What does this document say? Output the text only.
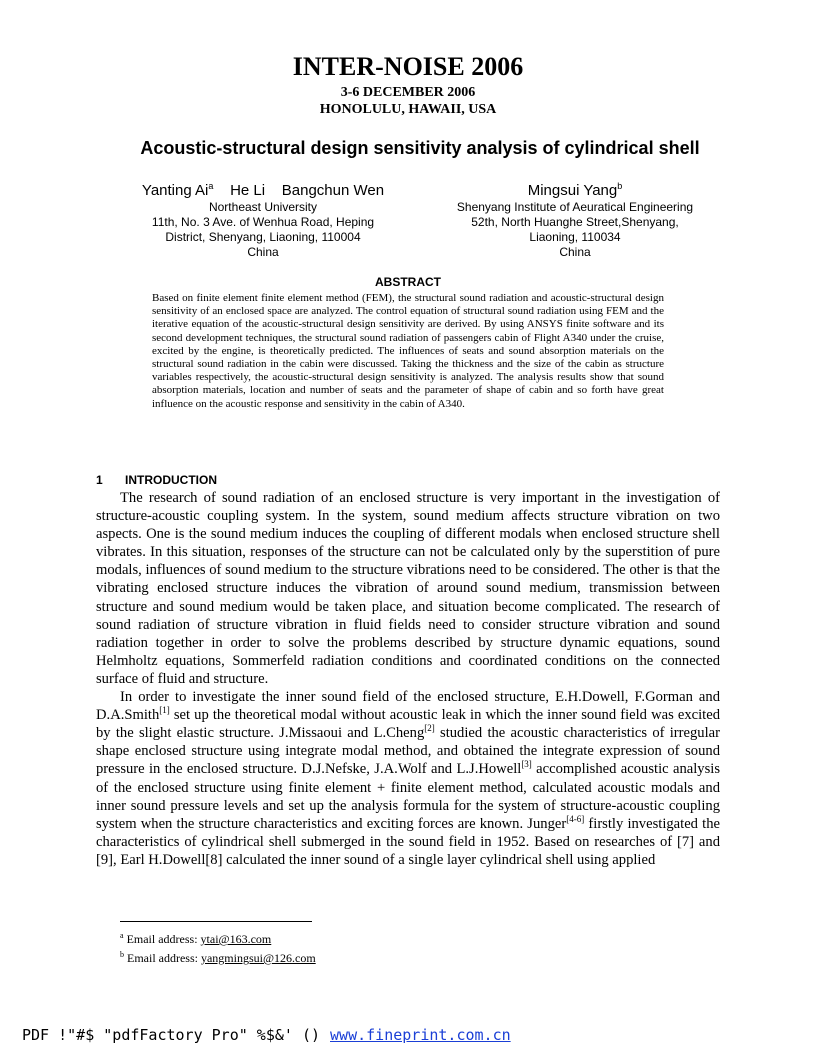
INTER-NOISE 2006
3-6 DECEMBER 2006
HONOLULU, HAWAII, USA
Acoustic-structural design sensitivity analysis of cylindrical shell
Yanting Ai$^a$ He Li Bangchun Wen
Northeast University
11th, No. 3 Ave. of Wenhua Road, Heping
District, Shenyang, Liaoning, 110004
China
Mingsui Yang$^b$
Shenyang Institute of Aeuratical Engineering
52th, North Huanghe Street,Shenyang,
Liaoning, 110034
China
ABSTRACT
Based on finite element finite element method (FEM), the structural sound radiation and acoustic-structural design sensitivity of an enclosed space are analyzed. The control equation of structural sound radiation using FEM and the iterative equation of the acoustic-structural design sensitivity are derived. By using ANSYS finite software and its second development techniques, the structural sound radiation of passengers cabin of Flight A340 under the cruise, excited by the engine, is theoretically predicted. The influences of seats and sound absorption materials on the structural sound radiation in the cabin were discussed. Taking the thickness and the size of the cabin as structure variables respectively, the acoustic-structural design sensitivity is analyzed. The analysis results show that sound absorption materials, location and number of seats and the parameter of shape of cabin and so forth have great influence on the acoustic response and sensitivity in the cabin of A340.
1 INTRODUCTION

The research of sound radiation of an enclosed structure is very important in the investigation of structure-acoustic coupling system. In the system, sound medium affects structure vibration on two aspects. One is the sound medium induces the coupling of different modals when enclosed structure shell vibrates. In this situation, responses of the structure can not be calculated only by the superstition of pure modals, influences of sound medium to the structure vibrations need to be considered. The other is that the vibrating enclosed structure induces the vibration of around sound medium, transmission between structure and sound medium would be taken place, and situation become complicated. The research of sound radiation of structure vibration in fluid fields need to consider structure vibration and sound radiation together in order to solve the problems described by structure dynamic equations, sound Helmholtz equations, Sommerfeld radiation conditions and coordinated conditions on the connected surface of fluid and structure.

In order to investigate the inner sound field of the enclosed structure, E.H.Dowell, F.Gorman and D.A.Smith[1] set up the theoretical modal without acoustic leak in which the inner sound field was excited by the slight elastic structure. J.Missaoui and L.Cheng[2] studied the acoustic characteristics of irregular shape enclosed structure using integrate modal method, and obtained the integrate expression of sound pressure in the enclosed structure. D.J.Nefske, J.A.Wolf and L.J.Howell[3] accomplished acoustic analysis of the enclosed structure using finite element + finite element method, calculated acoustic modals and inner sound pressure levels and set up the analysis formula for the system of structure-acoustic coupling system when the structure characteristics and exciting forces are known. Junger[4-6] firstly investigated the characteristics of cylindrical shell submerged in the sound field in 1952. Based on researches of [7] and [9], Earl H.Dowell[8] calculated the inner sound of a single layer cylindrical shell using applied

$^a$ Email address: ytai@163.com
$^b$ Email address: yangmingsui@126.com
PDF !"#$ "pdfFactory Pro" %$&' () www.fineprint.com.cn
